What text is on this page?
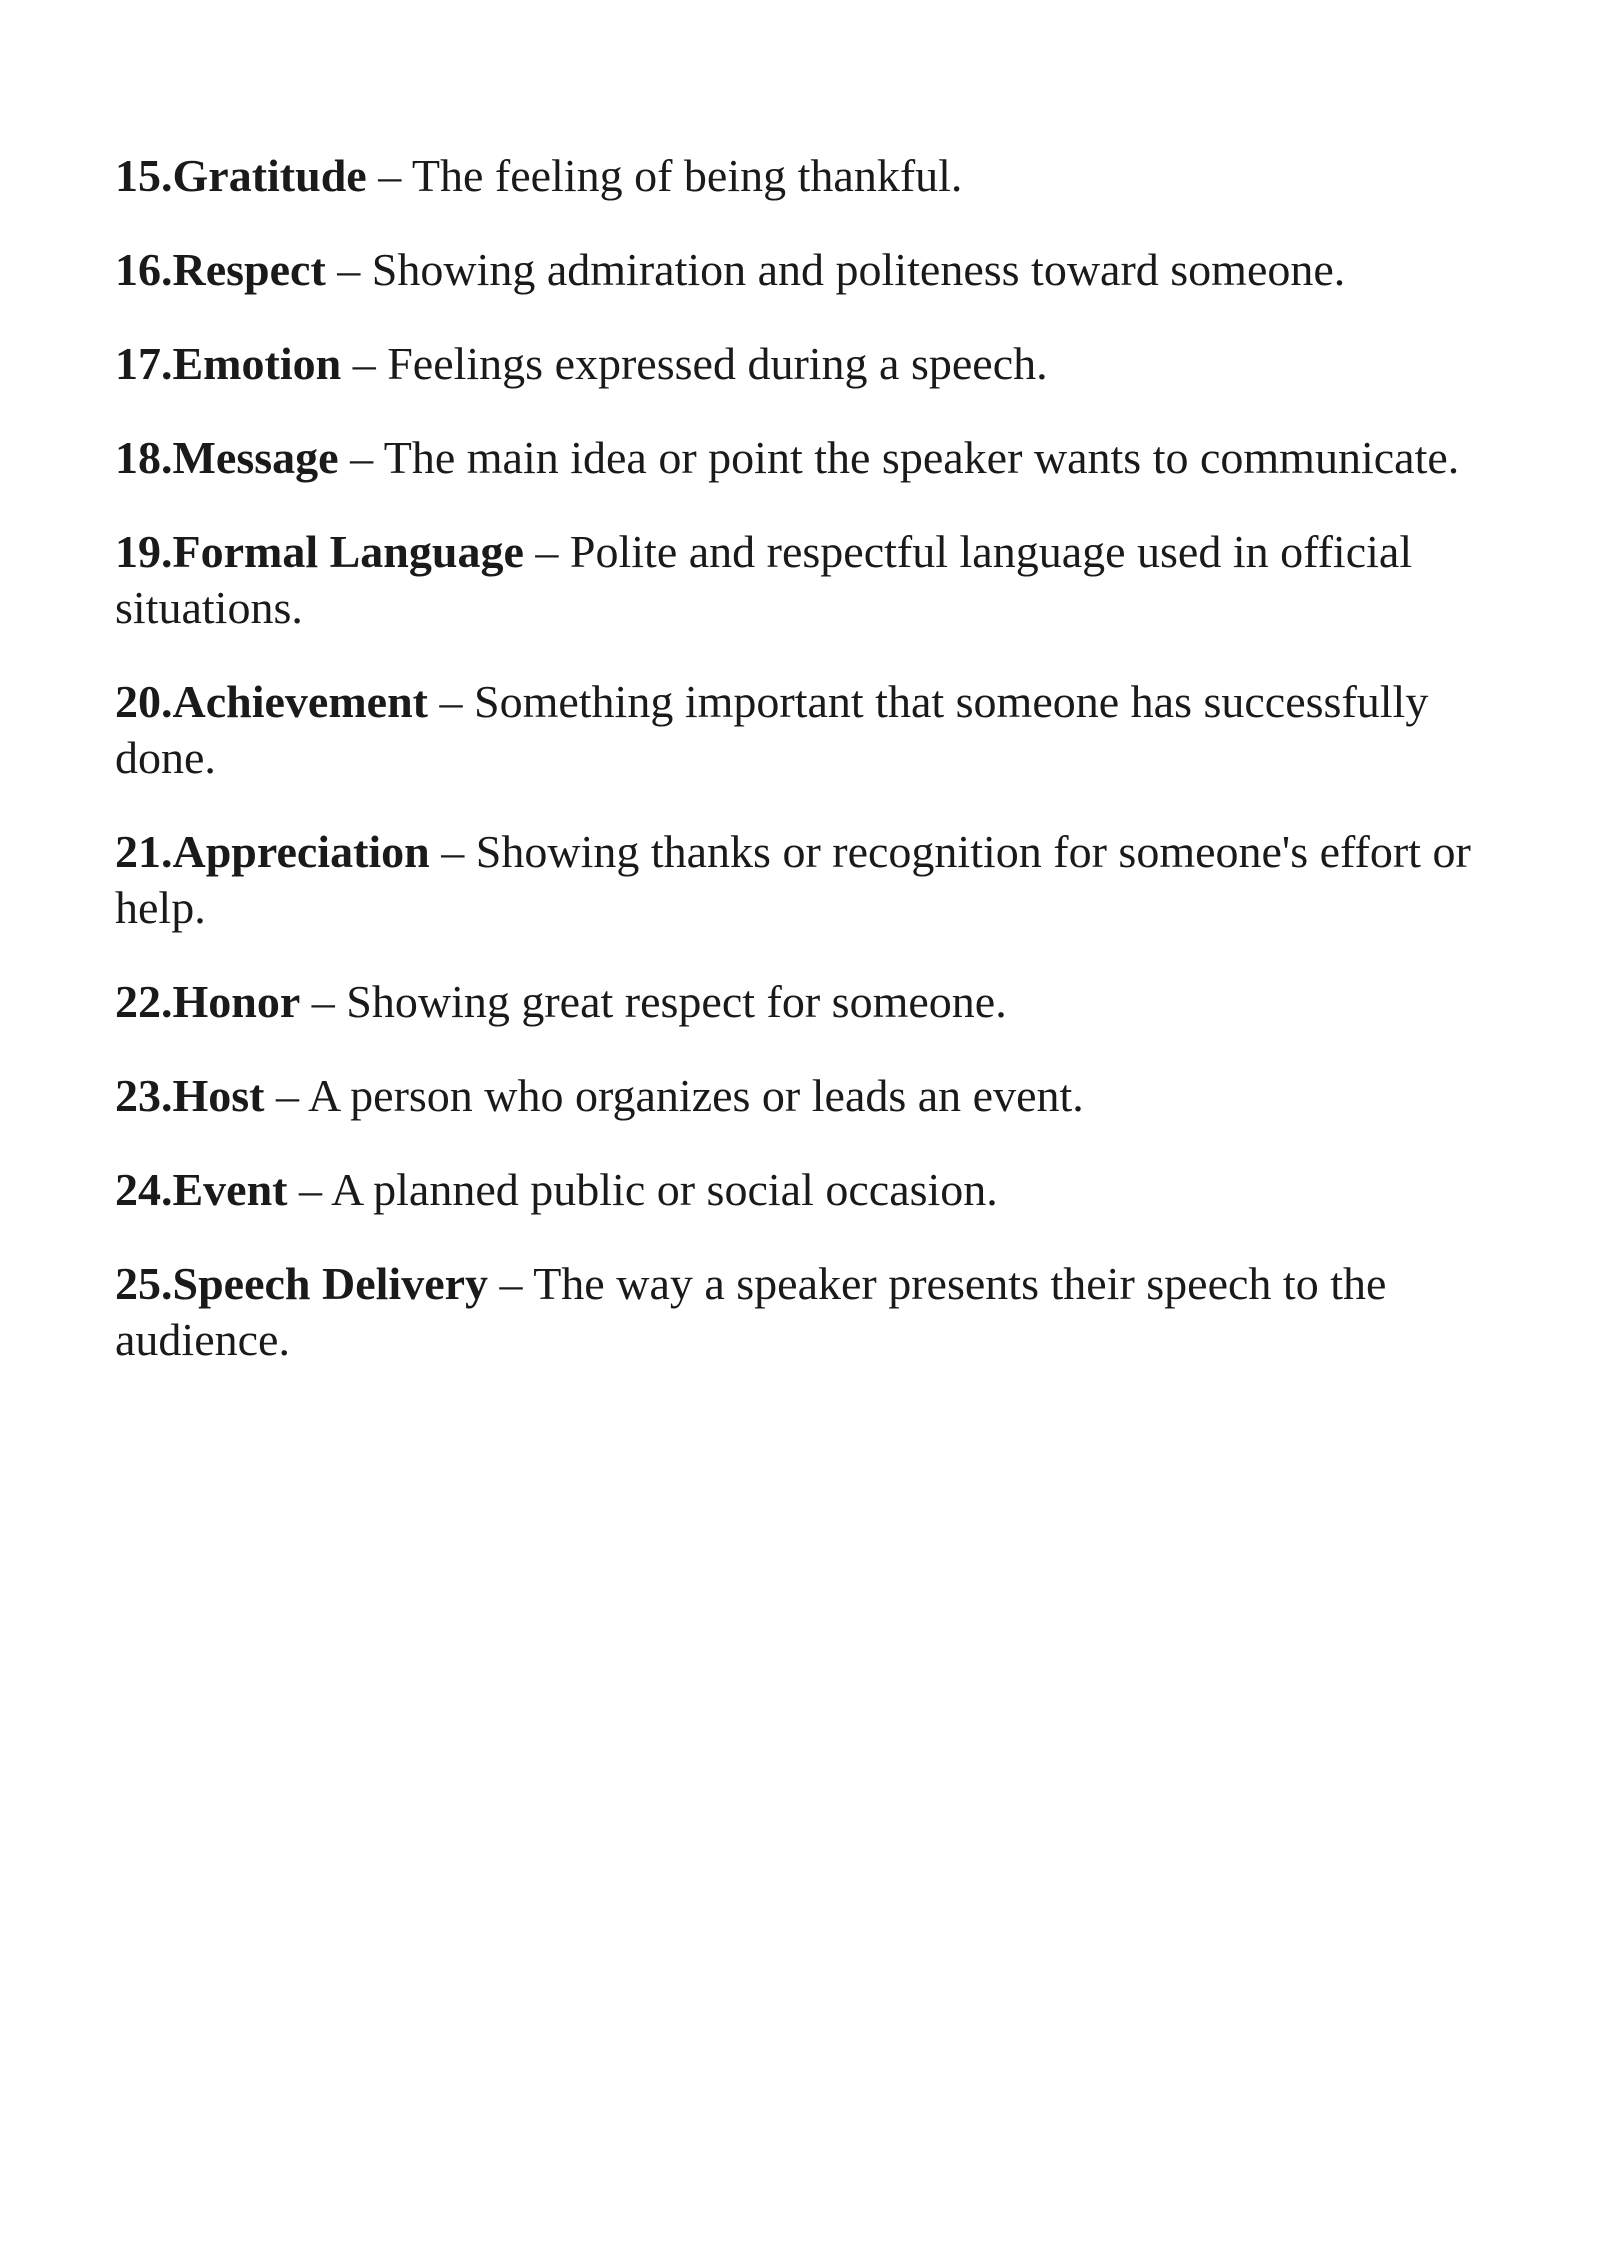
15.Gratitude – The feeling of being thankful.
16.Respect – Showing admiration and politeness toward someone.
17.Emotion – Feelings expressed during a speech.
18.Message – The main idea or point the speaker wants to communicate.
19.Formal Language – Polite and respectful language used in official situations.
20.Achievement – Something important that someone has successfully done.
21.Appreciation – Showing thanks or recognition for someone's effort or help.
22.Honor – Showing great respect for someone.
23.Host – A person who organizes or leads an event.
24.Event – A planned public or social occasion.
25.Speech Delivery – The way a speaker presents their speech to the audience.
